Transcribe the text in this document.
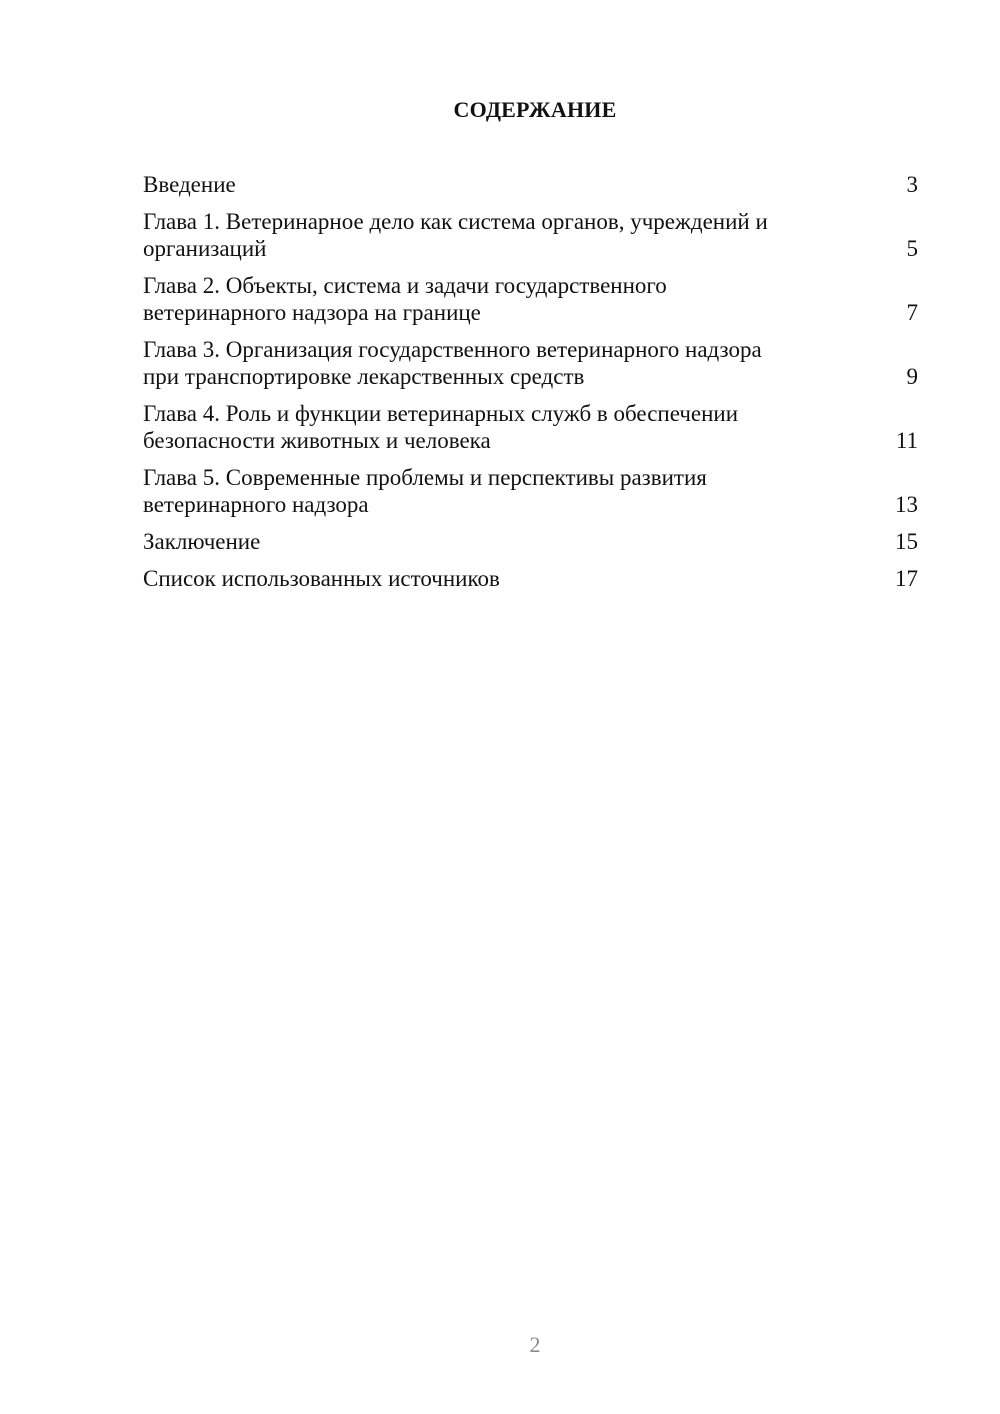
СОДЕРЖАНИЕ
Введение	3
Глава 1. Ветеринарное дело как система органов, учреждений и
организаций	5
Глава 2. Объекты, система и задачи государственного
ветеринарного надзора на границе	7
Глава 3. Организация государственного ветеринарного надзора
при транспортировке лекарственных средств	9
Глава 4. Роль и функции ветеринарных служб в обеспечении
безопасности животных и человека	11
Глава 5. Современные проблемы и перспективы развития
ветеринарного надзора	13
Заключение	15
Список использованных источников	17
2
